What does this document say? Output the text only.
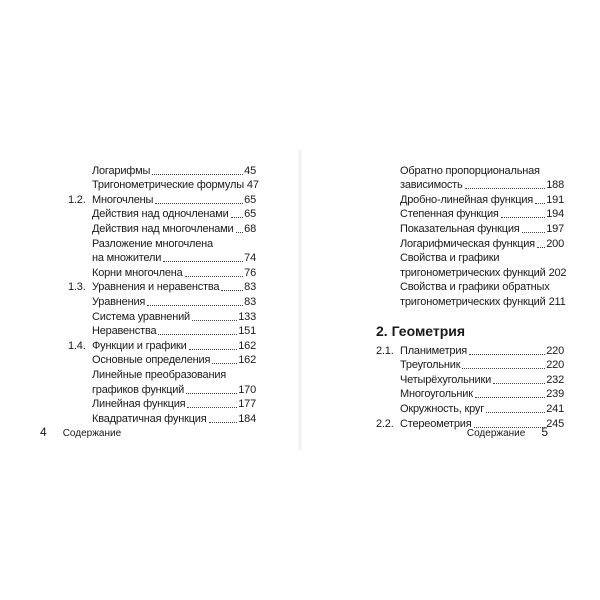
Логарифмы	45
Тригонометрические формулы 47
1.2. Многочлены	65
Действия над одночленами 65
Действия над многочленами 68
Разложение многочлена
на множители	74
Корни многочлена	76
1.3. Уравнения и неравенства 83
Уравнения	83
Система уравнений	133
Неравенства	151
1.4. Функции и графики	162
Основные определения	162
Линейные преобразования
графиков функций	170
Линейная функция	177
Квадратичная функция	184
4 Содержание
Обратно пропорциональная
зависимость	188
Дробно-линейная функция 191
Степенная функция	194
Показательная функция 197
Логарифмическая функция 200
Свойства и графики
тригонометрических функций 202
Свойства и графики обратных
тригонометрических функций 211
2. Геометрия
2.1. Планиметрия	220
Треугольник	220
Четырёхугольники	232
Многоугольник	239
Окружность, круг	241
2.2. Стереометрия	245
Содержание 5
